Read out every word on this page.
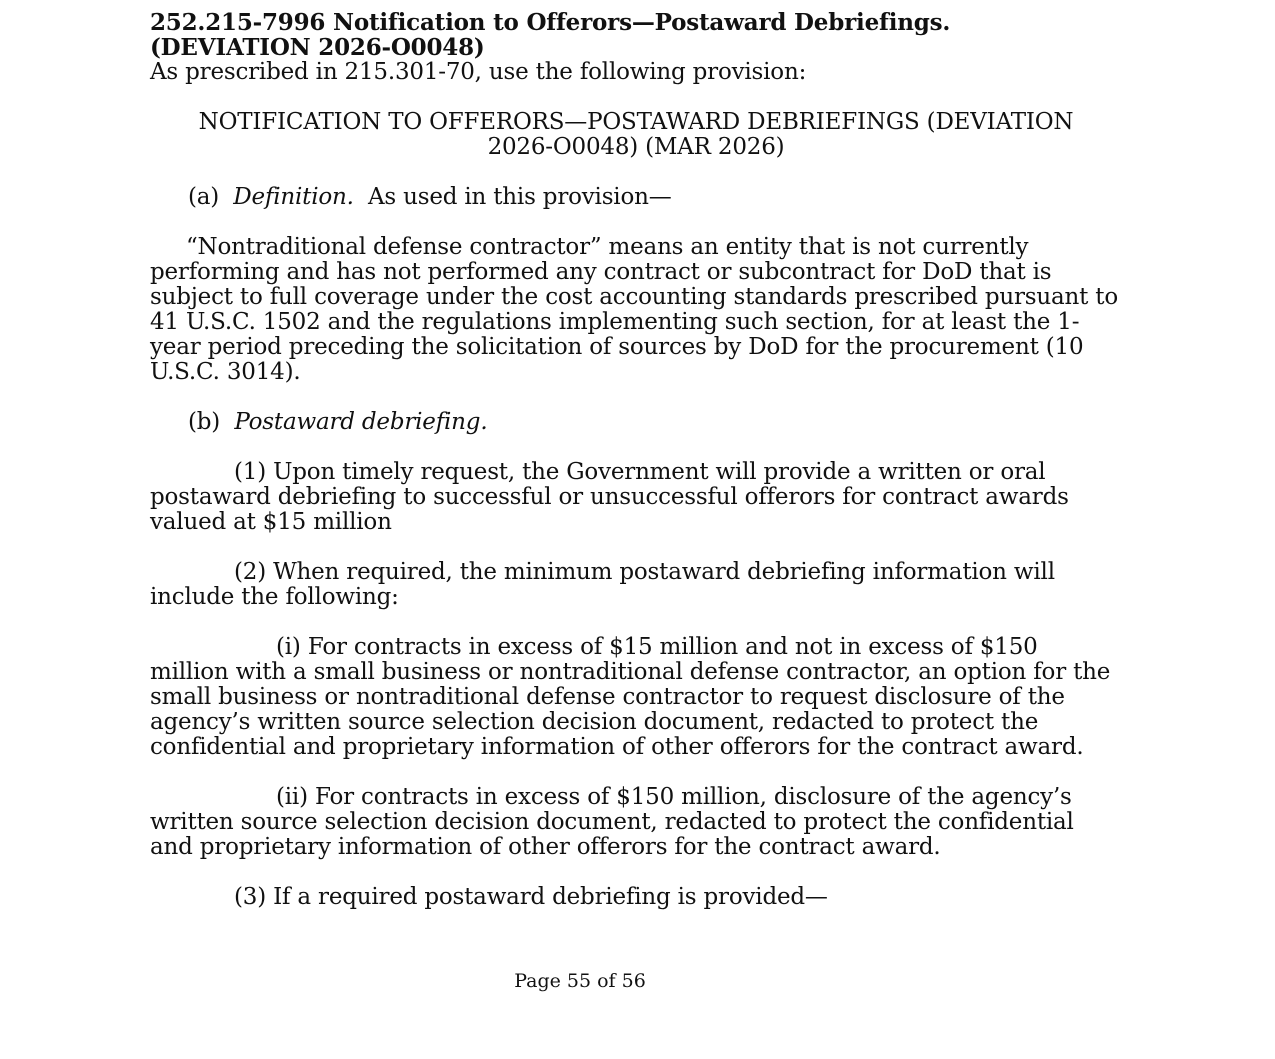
252.215-7996 Notification to Offerors—Postaward Debriefings.
(DEVIATION 2026-O0048)
As prescribed in 215.301-70, use the following provision:
NOTIFICATION TO OFFERORS—POSTAWARD DEBRIEFINGS (DEVIATION
2026-O0048) (MAR 2026)
(a) Definition. As used in this provision—
“Nontraditional defense contractor” means an entity that is not currently performing and has not performed any contract or subcontract for DoD that is subject to full coverage under the cost accounting standards prescribed pursuant to 41 U.S.C. 1502 and the regulations implementing such section, for at least the 1-year period preceding the solicitation of sources by DoD for the procurement (10 U.S.C. 3014).
(b) Postaward debriefing.
(1) Upon timely request, the Government will provide a written or oral postaward debriefing to successful or unsuccessful offerors for contract awards valued at $15 million
(2) When required, the minimum postaward debriefing information will include the following:
(i) For contracts in excess of $15 million and not in excess of $150 million with a small business or nontraditional defense contractor, an option for the small business or nontraditional defense contractor to request disclosure of the agency’s written source selection decision document, redacted to protect the confidential and proprietary information of other offerors for the contract award.
(ii) For contracts in excess of $150 million, disclosure of the agency’s written source selection decision document, redacted to protect the confidential and proprietary information of other offerors for the contract award.
(3) If a required postaward debriefing is provided—
Page 55 of 56
